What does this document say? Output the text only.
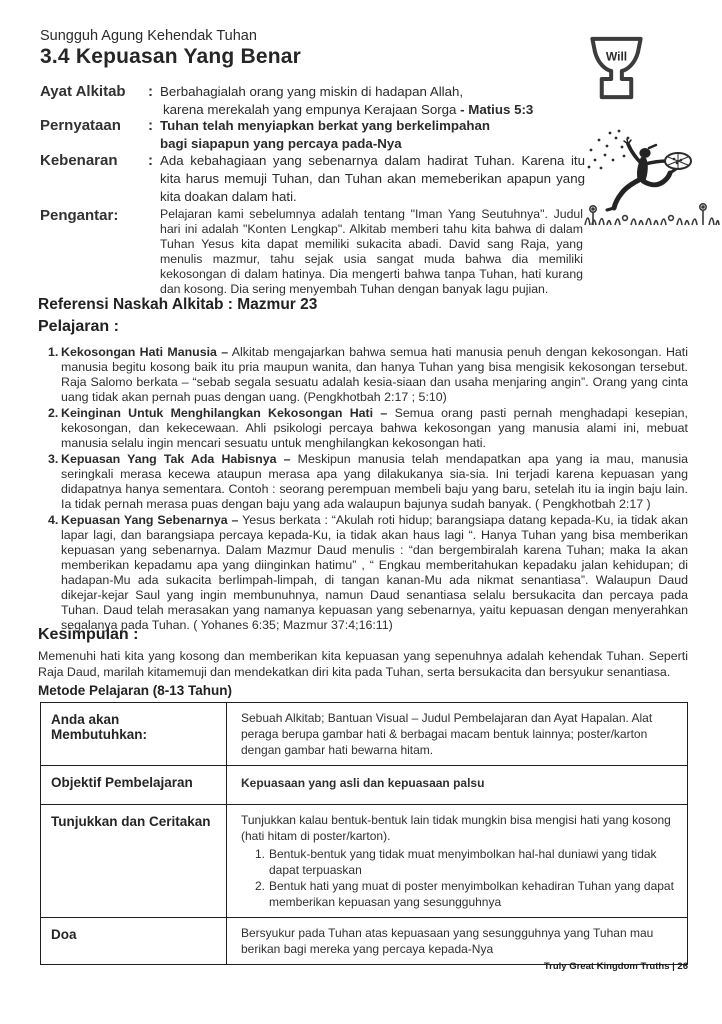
Sungguh Agung Kehendak Tuhan
3.4 Kepuasan Yang Benar	Will
Ayat Alkitab	: Berbahagialah orang yang miskin di hadapan Allah,
karena merekalah yang empunya Kerajaan Sorga - Matius 5:3
Pernyataan	: Tuhan telah menyiapkan berkat yang berkelimpahan
bagi siapapun yang percaya pada-Nya
Kebenaran	: Ada kebahagiaan yang sebenarnya dalam hadirat Tuhan. Karena itu kita harus memuji Tuhan, dan Tuhan akan memeberikan apapun yang kita doakan dalam hati.
Pengantar:	Pelajaran kami sebelumnya adalah tentang "Iman Yang Seutuhnya". Judul hari ini adalah "Konten Lengkap". Alkitab memberi tahu kita bahwa di dalam Tuhan Yesus kita dapat memiliki sukacita abadi. David sang Raja, yang menulis mazmur, tahu sejak usia sangat muda bahwa dia memiliki kekosongan di dalam hatinya. Dia mengerti bahwa tanpa Tuhan, hati kurang dan kosong. Dia sering menyembah Tuhan dengan banyak lagu pujian.
Referensi Naskah Alkitab : Mazmur 23
Pelajaran :
1. Kekosongan Hati Manusia – Alkitab mengajarkan bahwa semua hati manusia penuh dengan kekosongan. Hati manusia begitu kosong baik itu pria maupun wanita, dan hanya Tuhan yang bisa mengisik kekosongan tersebut. Raja Salomo berkata – “sebab segala sesuatu adalah kesia-siaan dan usaha menjaring angin”. Orang yang cinta uang tidak akan pernah puas dengan uang. (Pengkhotbah 2:17 ; 5:10)

2. Keinginan Untuk Menghilangkan Kekosongan Hati – Semua orang pasti pernah menghadapi kesepian, kekosongan, dan kekecewaan. Ahli psikologi percaya bahwa kekosongan yang manusia alami ini, mebuat manusia selalu ingin mencari sesuatu untuk menghilangkan kekosongan hati.

3. Kepuasan Yang Tak Ada Habisnya – Meskipun manusia telah mendapatkan apa yang ia mau, manusia seringkali merasa kecewa ataupun merasa apa yang dilakukanya sia-sia. Ini terjadi karena kepuasan yang didapatnya hanya sementara. Contoh : seorang perempuan membeli baju yang baru, setelah itu ia ingin baju lain. Ia tidak pernah merasa puas dengan baju yang ada walaupun bajunya sudah banyak. ( Pengkhotbah 2:17 )

4. Kepuasan Yang Sebenarnya – Yesus berkata : “Akulah roti hidup; barangsiapa datang kepada-Ku, ia tidak akan lapar lagi, dan barangsiapa percaya kepada-Ku, ia tidak akan haus lagi “. Hanya Tuhan yang bisa memberikan kepuasan yang sebenarnya. Dalam Mazmur Daud menulis : “dan bergembiralah karena Tuhan; maka Ia akan memberikan kepadamu apa yang diinginkan hatimu” , “ Engkau memberitahukan kepadaku jalan kehidupan; di hadapan-Mu ada sukacita berlimpah-limpah, di tangan kanan-Mu ada nikmat senantiasa”. Walaupun Daud dikejar-kejar Saul yang ingin membunuhnya, namun Daud senantiasa selalu bersukacita dan percaya pada Tuhan. Daud telah merasakan yang namanya kepuasan yang sebenarnya, yaitu kepuasan dengan menyerahkan segalanya pada Tuhan. ( Yohanes 6:35; Mazmur 37:4;16:11)

Kesimpulan :
Memenuhi hati kita yang kosong dan memberikan kita kepuasan yang sepenuhnya adalah kehendak Tuhan. Seperti Raja Daud, marilah kitamemuji dan mendekatkan diri kita pada Tuhan, serta bersukacita dan bersyukur senantiasa.
Metode Pelajaran (8-13 Tahun)
Anda akan Membutuhkan:
Sebuah Alkitab; Bantuan Visual – Judul Pembelajaran dan Ayat Hapalan. Alat peraga berupa gambar hati & berbagai macam bentuk lainnya; poster/karton dengan gambar hati bewarna hitam.
Objektif Pembelajaran	Kepuasaan yang asli dan kepuasaan palsu
Tunjukkan dan Ceritakan	Tunjukkan kalau bentuk-bentuk lain tidak mungkin bisa mengisi hati yang kosong (hati hitam di poster/karton).
1. Bentuk-bentuk yang tidak muat menyimbolkan hal-hal duniawi yang tidak dapat terpuaskan

2. Bentuk hati yang muat di poster menyimbolkan kehadiran Tuhan yang dapat memberikan kepuasan yang sesungguhnya

Doa	Bersyukur pada Tuhan atas kepuasaan yang sesungguhnya yang Tuhan mau berikan bagi mereka yang percaya kepada-Nya
Truly Great Kingdom Truths | 26
